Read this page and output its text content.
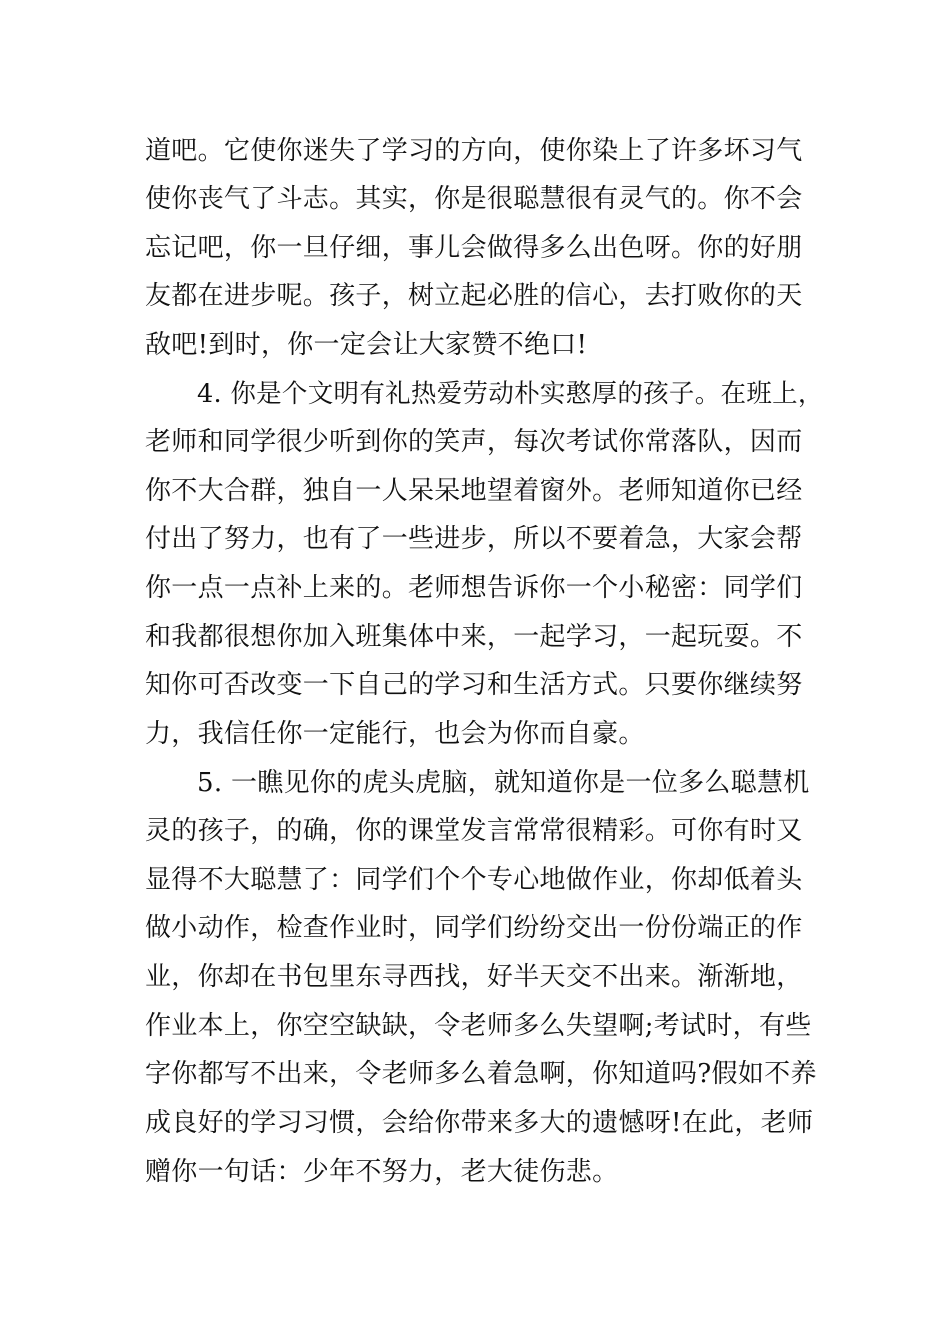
道吧。它使你迷失了学习的方向，使你染上了许多坏习气
使你丧气了斗志。其实，你是很聪慧很有灵气的。你不会
忘记吧，你一旦仔细，事儿会做得多么出色呀。你的好朋
友都在进步呢。孩子，树立起必胜的信心，去打败你的天
敌吧!到时，你一定会让大家赞不绝口!
4. 你是个文明有礼热爱劳动朴实憨厚的孩子。在班上，
老师和同学很少听到你的笑声，每次考试你常落队，因而
你不大合群，独自一人呆呆地望着窗外。老师知道你已经
付出了努力，也有了一些进步，所以不要着急，大家会帮
你一点一点补上来的。老师想告诉你一个小秘密：同学们
和我都很想你加入班集体中来，一起学习，一起玩耍。不
知你可否改变一下自己的学习和生活方式。只要你继续努
力，我信任你一定能行，也会为你而自豪。
5. 一瞧见你的虎头虎脑，就知道你是一位多么聪慧机
灵的孩子，的确，你的课堂发言常常很精彩。可你有时又
显得不大聪慧了：同学们个个专心地做作业，你却低着头
做小动作，检查作业时，同学们纷纷交出一份份端正的作
业，你却在书包里东寻西找，好半天交不出来。渐渐地，
作业本上，你空空缺缺，令老师多么失望啊;考试时，有些
字你都写不出来，令老师多么着急啊，你知道吗?假如不养
成良好的学习习惯，会给你带来多大的遗憾呀!在此，老师
赠你一句话：少年不努力，老大徒伤悲。
